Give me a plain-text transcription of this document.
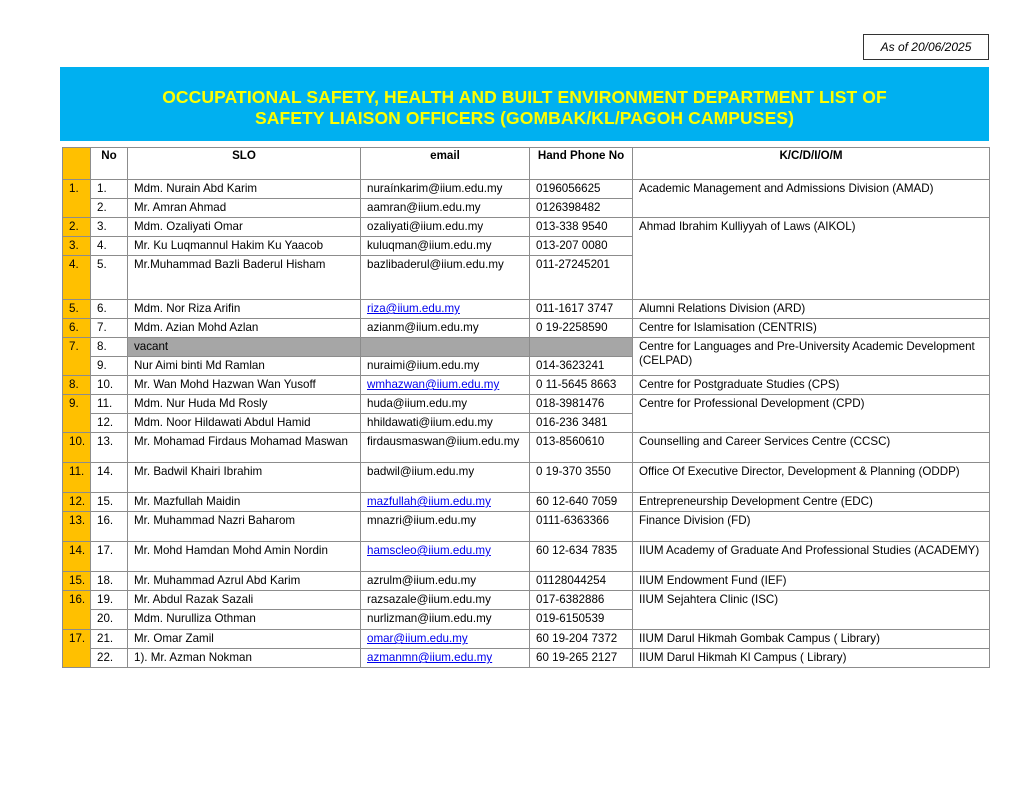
As of 20/06/2025
OCCUPATIONAL SAFETY, HEALTH AND BUILT ENVIRONMENT DEPARTMENT LIST OF
SAFETY LIAISON OFFICERS (GOMBAK/KL/PAGOH CAMPUSES)
	No	SLO	email	Hand Phone No	K/C/D/I/O/M
1.	1.	Mdm. Nurain Abd Karim	nuraínkarim@iium.edu.my	0196056625	Academic Management and Admissions Division (AMAD)
	2.	Mr. Amran Ahmad	aamran@iium.edu.my	0126398482	
2.	3.	Mdm. Ozaliyati Omar	ozaliyati@iium.edu.my	013-338 9540	Ahmad Ibrahim Kulliyyah of Laws (AIKOL)
3.	4.	Mr. Ku Luqmannul Hakim Ku Yaacob	kuluqman@iium.edu.my	013-207 0080	
4.	5.	Mr.Muhammad Bazli Baderul Hisham	bazlibaderul@iium.edu.my	011-27245201	
5.	6.	Mdm. Nor Riza Arifin	riza@iium.edu.my	011-1617 3747	Alumni Relations Division (ARD)
6.	7.	Mdm. Azian Mohd Azlan	azianm@iium.edu.my	0 19-2258590	Centre for Islamisation (CENTRIS)
7.	8.	vacant			Centre for Languages and Pre-University Academic Development (CELPAD)
	9.	Nur Aimi binti Md Ramlan	nuraimi@iium.edu.my	014-3623241	
8.	10.	Mr. Wan Mohd Hazwan Wan Yusoff	wmhazwan@iium.edu.my	0 11-5645 8663	Centre for Postgraduate Studies (CPS)
9.	11.	Mdm. Nur Huda Md Rosly	huda@iium.edu.my	018-3981476	Centre for Professional Development (CPD)
	12.	Mdm. Noor Hildawati Abdul Hamid	hhildawati@iium.edu.my	016-236 3481	
10.	13.	Mr. Mohamad Firdaus Mohamad Maswan	firdausmaswan@iium.edu.my	013-8560610	Counselling and Career Services Centre (CCSC)
11.	14.	Mr. Badwil Khairi Ibrahim	badwil@iium.edu.my	0 19-370 3550	Office Of Executive Director, Development & Planning (ODDP)
12.	15.	Mr. Mazfullah Maidin	mazfullah@iium.edu.my	60 12-640 7059	Entrepreneurship Development Centre (EDC)
13.	16.	Mr. Muhammad Nazri Baharom	mnazri@iium.edu.my	0111-6363366	Finance Division (FD)
14.	17.	Mr. Mohd Hamdan Mohd Amin Nordin	hamscleo@iium.edu.my	60 12-634 7835	IIUM Academy of Graduate And Professional Studies (ACADEMY)
15.	18.	Mr. Muhammad Azrul Abd Karim	azrulm@iium.edu.my	01128044254	IIUM Endowment Fund (IEF)
16.	19.	Mr. Abdul Razak Sazali	razsazale@iium.edu.my	017-6382886	IIUM Sejahtera Clinic (ISC)
	20.	Mdm. Nurulliza Othman	nurlizman@iium.edu.my	019-6150539	
17.	21.	Mr. Omar Zamil	omar@iium.edu.my	60 19-204 7372	IIUM Darul Hikmah Gombak Campus ( Library)
	22.	1). Mr. Azman Nokman	azmanmn@iium.edu.my	60 19-265 2127	IIUM Darul Hikmah Kl Campus ( Library)
